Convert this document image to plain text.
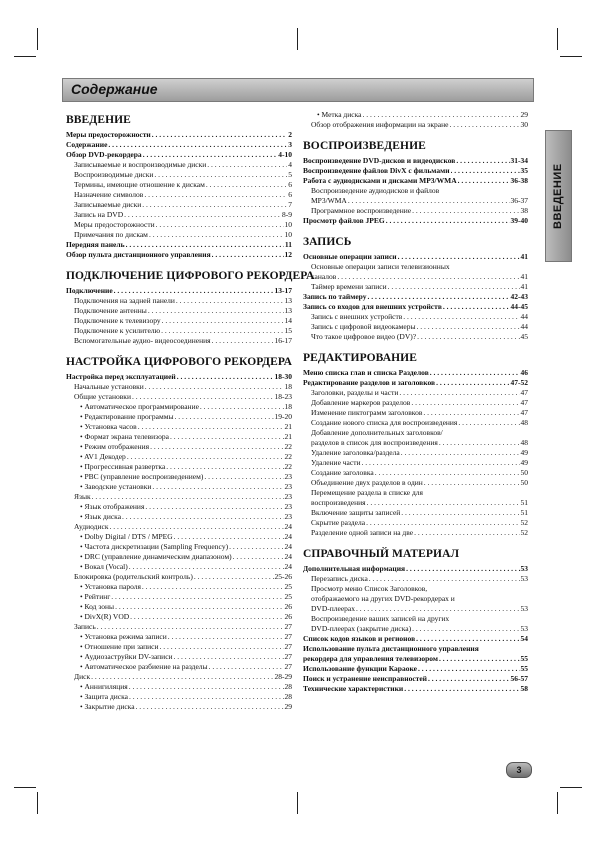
Содержание
ВВЕДЕНИЕ
Меры предосторожности . . .	2
Содержание . . .	3
Обзор DVD-рекордера . . .	4-10
Записываемые и воспроизводимые диски . . .	4
Воспроизводимые диски . . .	5
Термины, имеющие отношение к дискам . . .	6
Назначение символов . . .	6
Записываемые диски . . .	7
Запись на DVD . . .	8-9
Меры предосторожности . . .	10
Примечания по дискам . . .	10
Передняя панель . . .	11
Обзор пульта дистанционного управления . . .	12
ПОДКЛЮЧЕНИЕ ЦИФРОВОГО РЕКОРДЕРА
Подключение . . .	13-17
Подключения на задней панели . . .	13
Подключение антенны . . .	13
Подключение к телевизору . . .	14
Подключение к усилителю . . .	15
Вспомогательные аудио- видеосоединения . . .	16-17
НАСТРОЙКА ЦИФРОВОГО РЕКОРДЕРА
Настройка перед эксплуатацией . . .	18-30
Начальные установки . . .	18
Общие установки . . .	18-23
• Автоматическое программирование . . .	18
• Редактирование программы . . .	19-20
• Установка часов . . .	21
• Формат экрана телевизора . . .	21
• Режим отображения . . .	22
• AV1 Декодер . . .	22
• Прогрессивная развертка . . .	22
• PBC (управление воспроизведением) . . .	23
• Заводские установки . . .	23
Язык . . .	23
• Язык отображения . . .	23
• Язык диска . . .	23
Аудиодиск . . .	24
• Dolby Digital / DTS / MPEG . . .	24
• Частота дискретизации (Sampling Frequency) . . .	24
• DRC (управление динамическим диапазоном) . . .	24
• Вокал (Vocal) . . .	24
Блокировка (родительский контроль) . . .	25-26
• Установка пароля . . .	25
• Рейтинг . . .	25
• Код зоны . . .	26
• DivX(R) VOD . . .	26
Запись . . .	27
• Установка режима записи . . .	27
• Отношение при записи . . .	27
• Аудиозаструйки DV-записи . . .	27
• Автоматическое разбиение на разделы . . .	27
Диск . . .	28-29
• Аннигиляция . . .	28
• Защита диска . . .	28
• Закрытие диска . . .	29
• Метка диска . . .	29
Обзор отображения информации на экране . . .	30
ВОСПРОИЗВЕДЕНИЕ
Воспроизведение DVD-дисков и видеодисков . . .	31-34
Воспроизведение файлов DivX с фильмами . . .	35
Работа с аудиодисками и дисками MP3/WMA . . .	36-38
Воспроизведение аудиодисков и файлов
MP3/WMA . . .	36-37
Программное воспроизведение . . .	38
Просмотр файлов JPEG . . .	39-40
ЗАПИСЬ
Основные операции записи . . .	41
Основные операции записи телевизионных
каналов . . .	41
Таймер времени записи . . .	41
Запись по таймеру . . .	42-43
Запись со входов для внешних устройств . . .	44-45
Запись с внешних устройств . . .	44
Запись с цифровой видеокамеры . . .	44
Что такое цифровое видео (DV)? . . .	45
РЕДАКТИРОВАНИЕ
Меню списка глав и списка Разделов . . .	46
Редактирование разделов и заголовков . . .	47-52
Заголовки, разделы и части . . .	47
Добавление маркеров разделов . . .	47
Изменение пиктограмм заголовков . . .	47
Создание нового списка для воспроизведения . . .	48
Добавление дополнительных заголовков/
разделов в список для воспроизведения . . .	48
Удаление заголовка/раздела . . .	49
Удаление части . . .	49
Создание заголовка . . .	50
Объединение двух разделов в один . . .	50
Перемещение раздела в списке для
воспроизведения . . .	51
Включение защиты записей . . .	51
Скрытие раздела . . .	52
Разделение одной записи на две . . .	52
СПРАВОЧНЫЙ МАТЕРИАЛ
Дополнительная информация . . .	53
Перезапись диска . . .	53
Просмотр меню Список Заголовков,
отображаемого на других DVD-рекордерах и
DVD-плеерах . . .	53
Воспроизведение ваших записей на других
DVD-плеерах (закрытие диска) . . .	53
Список кодов языков и регионов . . .	54
Использование пульта дистанционного управления
рекордера для управления телевизором . . .	55
Использование функции Караоке . . .	55
Поиск и устранение неисправностей . . .	56-57
Технические характеристики . . .	58
ВВЕДЕНИЕ
3
